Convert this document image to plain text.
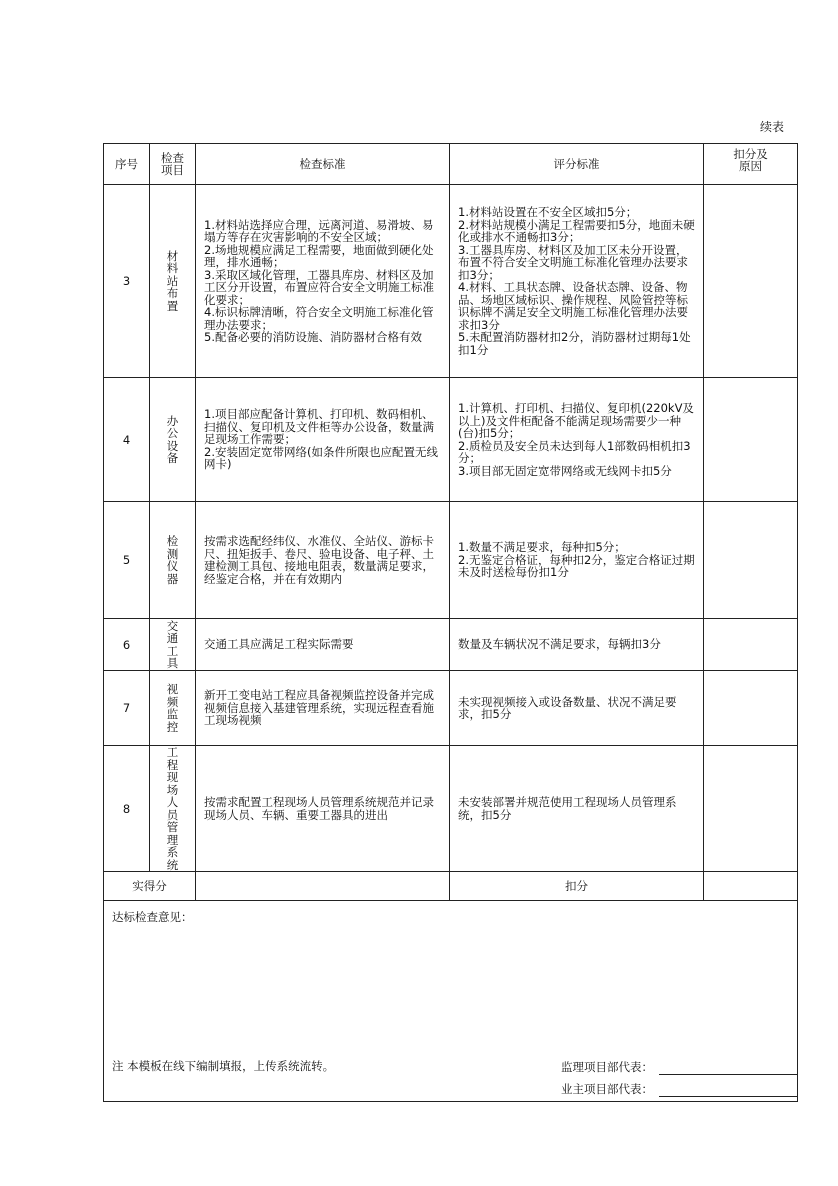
续表
序号	检查
项目	检查标准	评分标准	扣分及
原因
3	材料站布置	1.材料站选择应合理，远离河道、易滑坡、易塌方等存在灾害影响的不安全区域；
2.场地规模应满足工程需要，地面做到硬化处理，排水通畅；
3.采取区域化管理，工器具库房、材料区及加工区分开设置，布置应符合安全文明施工标准化要求；
4.标识标牌清晰，符合安全文明施工标准化管理办法要求；
5.配备必要的消防设施、消防器材合格有效	1.材料站设置在不安全区域扣5分；
2.材料站规模小满足工程需要扣5分，地面未硬化或排水不通畅扣3分；
3.工器具库房、材料区及加工区未分开设置，布置不符合安全文明施工标准化管理办法要求扣3分；
4.材料、工具状态牌、设备状态牌、设备、物品、场地区域标识、操作规程、风险管控等标识标牌不满足安全文明施工标准化管理办法要求扣3分
5.未配置消防器材扣2分，消防器材过期每1处扣1分	
4	办公设备	1.项目部应配备计算机、打印机、数码相机、扫描仪、复印机及文件柜等办公设备，数量满足现场工作需要；
2.安装固定宽带网络(如条件所限也应配置无线网卡)	1.计算机、打印机、扫描仪、复印机(220kV及以上)及文件柜配备不能满足现场需要少一种(台)扣5分；
2.质检员及安全员未达到每人1部数码相机扣3分；
3.项目部无固定宽带网络或无线网卡扣5分	
5	检测仪器	按需求选配经纬仪、水准仪、全站仪、游标卡尺、扭矩扳手、卷尺、验电设备、电子秤、土建检测工具包、接地电阻表，数量满足要求，经鉴定合格，并在有效期内	1.数量不满足要求，每种扣5分；
2.无鉴定合格证，每种扣2分，鉴定合格证过期未及时送检每份扣1分	
6	交通工具	交通工具应满足工程实际需要	数量及车辆状况不满足要求，每辆扣3分	
7	视频监控	新开工变电站工程应具备视频监控设备并完成视频信息接入基建管理系统，实现远程查看施工现场视频	未实现视频接入或设备数量、状况不满足要求，扣5分	
8	工程现场人员管理系统	按需求配置工程现场人员管理系统规范并记录现场人员、车辆、重要工器具的进出	未安装部署并规范使用工程现场人员管理系统，扣5分	
实得分			扣分	

达标检查意见：
监理项目部代表：
业主项目部代表：				
注 本模板在线下编制填报，上传系统流转。
